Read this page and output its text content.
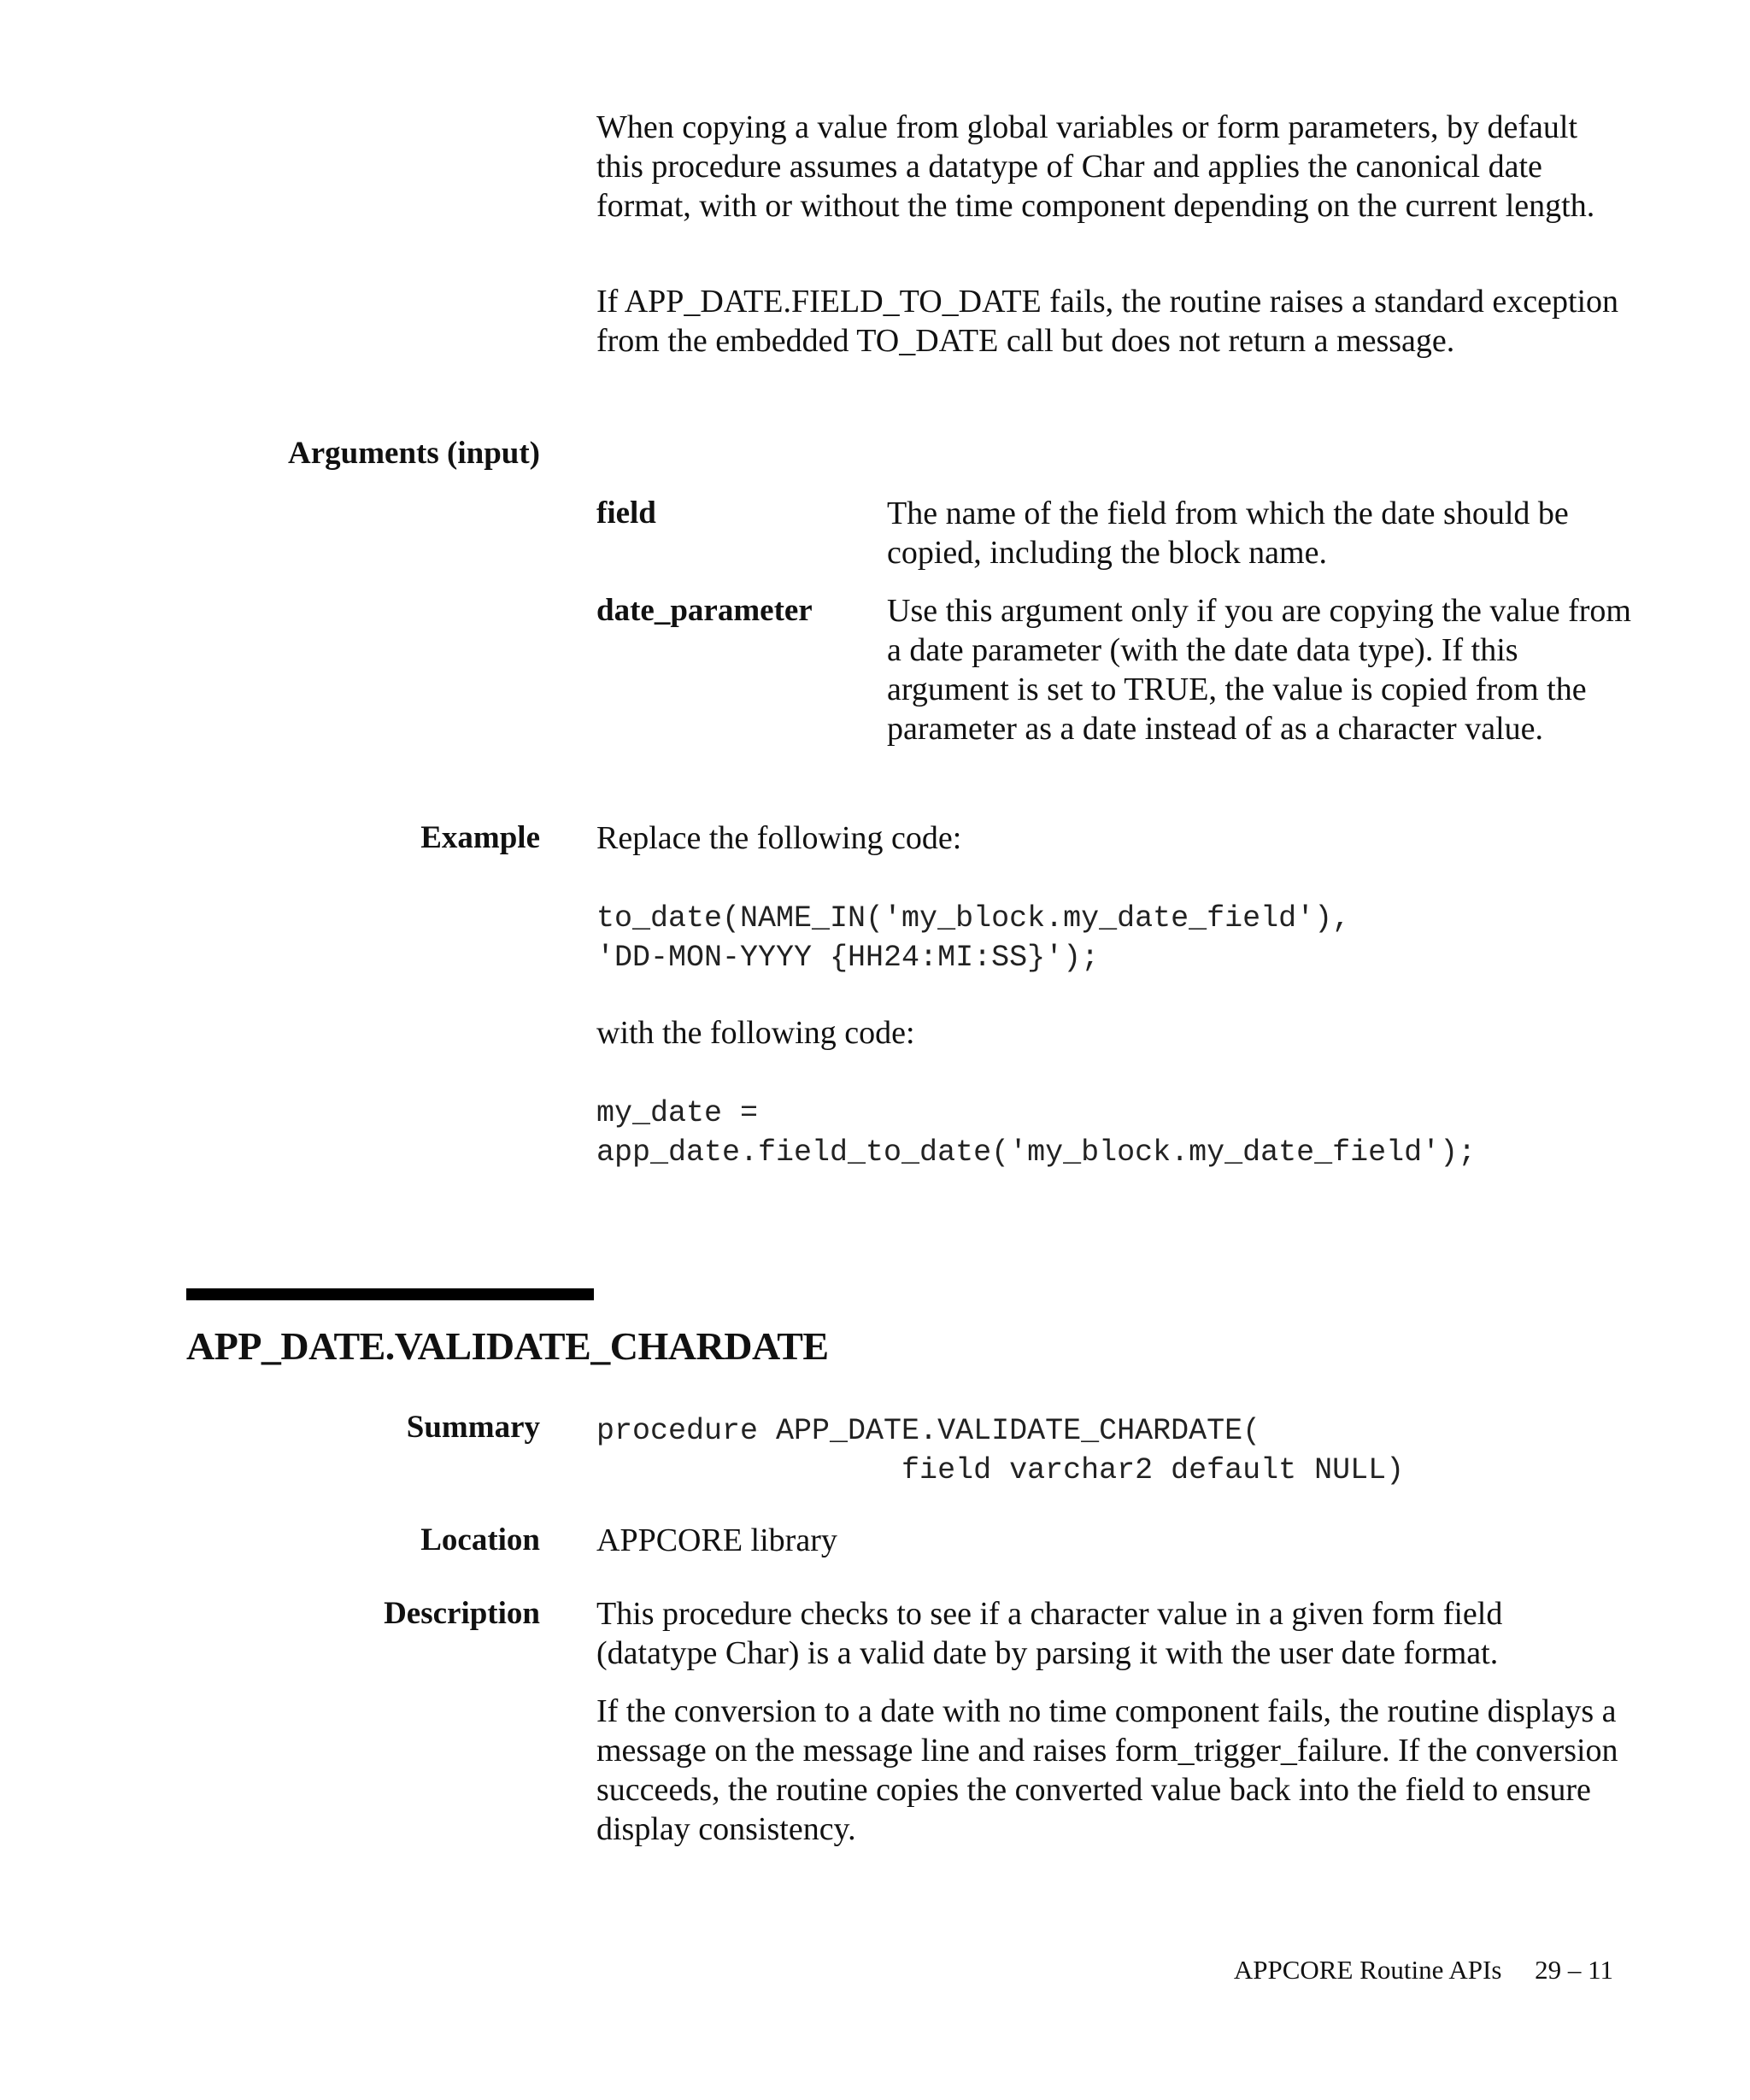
When copying a value from global variables or form parameters, by default this procedure assumes a datatype of Char and applies the canonical date format, with or without the time component depending on the current length.

If APP_DATE.FIELD_TO_DATE fails, the routine raises a standard exception from the embedded TO_DATE call but does not return a message.

Arguments (input)

field	The name of the field from which the date should be copied, including the block name.

date_parameter Use this argument only if you are copying the value from a date parameter (with the date data type). If this argument is set to TRUE, the value is copied from the parameter as a date instead of as a character value.

Example Replace the following code:

to_date(NAME_IN('my_block.my_date_field'),
'DD-MON-YYYY {HH24:MI:SS}');

with the following code:

my_date =
app_date.field_to_date('my_block.my_date_field');
APP_DATE.VALIDATE_CHARDATE

Summary procedure APP_DATE.VALIDATE_CHARDATE(
field varchar2 default NULL)

Location APPCORE library

Description This procedure checks to see if a character value in a given form field (datatype Char) is a valid date by parsing it with the user date format.

If the conversion to a date with no time component fails, the routine displays a message on the message line and raises form_trigger_failure. If the conversion succeeds, the routine copies the converted value back into the field to ensure display consistency.

APPCORE Routine APIs 29 – 11
